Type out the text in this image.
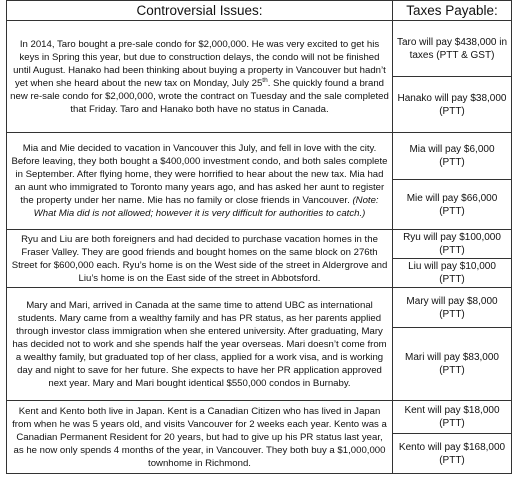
Controversial Issues:	Taxes Payable:
In 2014, Taro bought a pre-sale condo for $2,000,000. He was very excited to get his keys in Spring this year, but due to construction delays, the condo will not be finished until August. Hanako had been thinking about buying a property in Vancouver but hadn’t yet when she heard about the new tax on Monday, July 25th. She quickly found a brand new re-sale condo for $2,000,000, wrote the contract on Tuesday and the sale completed that Friday. Taro and Hanako both have no status in Canada.	Taro will pay $438,000 in taxes (PTT & GST)
	Hanako will pay $38,000 (PTT)
Mia and Mie decided to vacation in Vancouver this July, and fell in love with the city. Before leaving, they both bought a $400,000 investment condo, and both sales complete in September. After flying home, they were horrified to hear about the new tax. Mia had an aunt who immigrated to Toronto many years ago, and has asked her aunt to register the property under her name. Mie has no family or close friends in Vancouver. (Note: What Mia did is not allowed; however it is very difficult for authorities to catch.)	Mia will pay $6,000 (PTT)
	Mie will pay $66,000 (PTT)
Ryu and Liu are both foreigners and had decided to purchase vacation homes in the Fraser Valley. They are good friends and bought homes on the same block on 276th Street for $600,000 each. Ryu’s home is on the West side of the street in Aldergrove and Liu’s home is on the East side of the street in Abbotsford.	Ryu will pay $100,000 (PTT)
	Liu will pay $10,000 (PTT)
Mary and Mari, arrived in Canada at the same time to attend UBC as international students. Mary came from a wealthy family and has PR status, as her parents applied through investor class immigration when she entered university. After graduating, Mary has decided not to work and she spends half the year overseas. Mari doesn’t come from a wealthy family, but graduated top of her class, applied for a work visa, and is working day and night to save for her future. She expects to have her PR application approved next year. Mary and Mari bought identical $550,000 condos in Burnaby.	Mary will pay $8,000 (PTT)
	Mari will pay $83,000 (PTT)
Kent and Kento both live in Japan. Kent is a Canadian Citizen who has lived in Japan from when he was 5 years old, and visits Vancouver for 2 weeks each year. Kento was a Canadian Permanent Resident for 20 years, but had to give up his PR status last year, as he now only spends 4 months of the year, in Vancouver. They both buy a $1,000,000 townhome in Richmond.	Kent will pay $18,000 (PTT)
	Kento will pay $168,000 (PTT)
